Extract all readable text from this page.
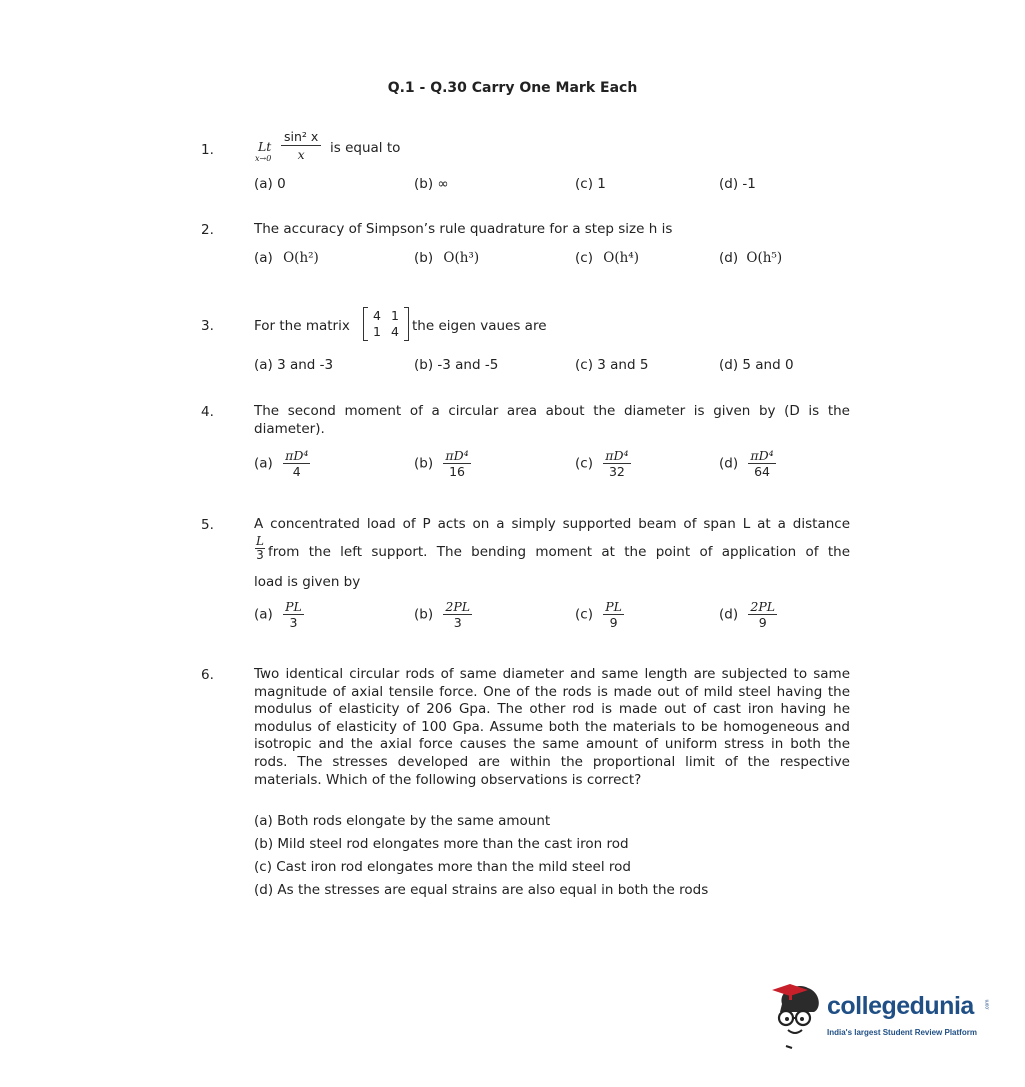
Q.1 - Q.30 Carry One Mark Each
1.	Lt
$x\to 0 \frac{\text{sin² x}}{x}$ is equal to
(a) 0	(b) ∞	(c) 1	(d) -1
2.	The accuracy of Simpson’s rule quadrature for a step size h is
(a) O(h²)	(b) O(h³)	(c) O(h⁴)	(d) O(h⁵)
3.	For the matrix
4 1
1 4 the eigen vaues are
(a) 3 and -3	(b) -3 and -5	(c) 3 and 5	(d) 5 and 0
4.	The second moment of a circular area about the diameter is given by (D is the diameter).
$(a) \frac{\text{πD⁴}}{4}$	$(b) \frac{\text{πD⁴}}{16}$	$(c) \frac{\text{πD⁴}}{32}$	$(d) \frac{\text{πD⁴}}{64}$
5.	A concentrated load of P acts on a simply supported beam of span L at a distance
$\frac{L}{3}$ from the left support. The bending moment at the point of application of the
load is given by
$(a) \frac{PL}{3}$	$(b) \frac{2PL}{3}$	$(c) \frac{PL}{9}$	$(d) \frac{2PL}{9}$
6.	Two identical circular rods of same diameter and same length are subjected to same magnitude of axial tensile force. One of the rods is made out of mild steel having the modulus of elasticity of 206 Gpa. The other rod is made out of cast iron having he modulus of elasticity of 100 Gpa. Assume both the materials to be homogeneous and isotropic and the axial force causes the same amount of uniform stress in both the rods. The stresses developed are within the proportional limit of the respective materials. Which of the following observations is correct?
(a) Both rods elongate by the same amount
(b) Mild steel rod elongates more than the cast iron rod
(c) Cast iron rod elongates more than the mild steel rod
(d) As the stresses are equal strains are also equal in both the rods
collegedunia
India's largest Student Review Platform
.com
